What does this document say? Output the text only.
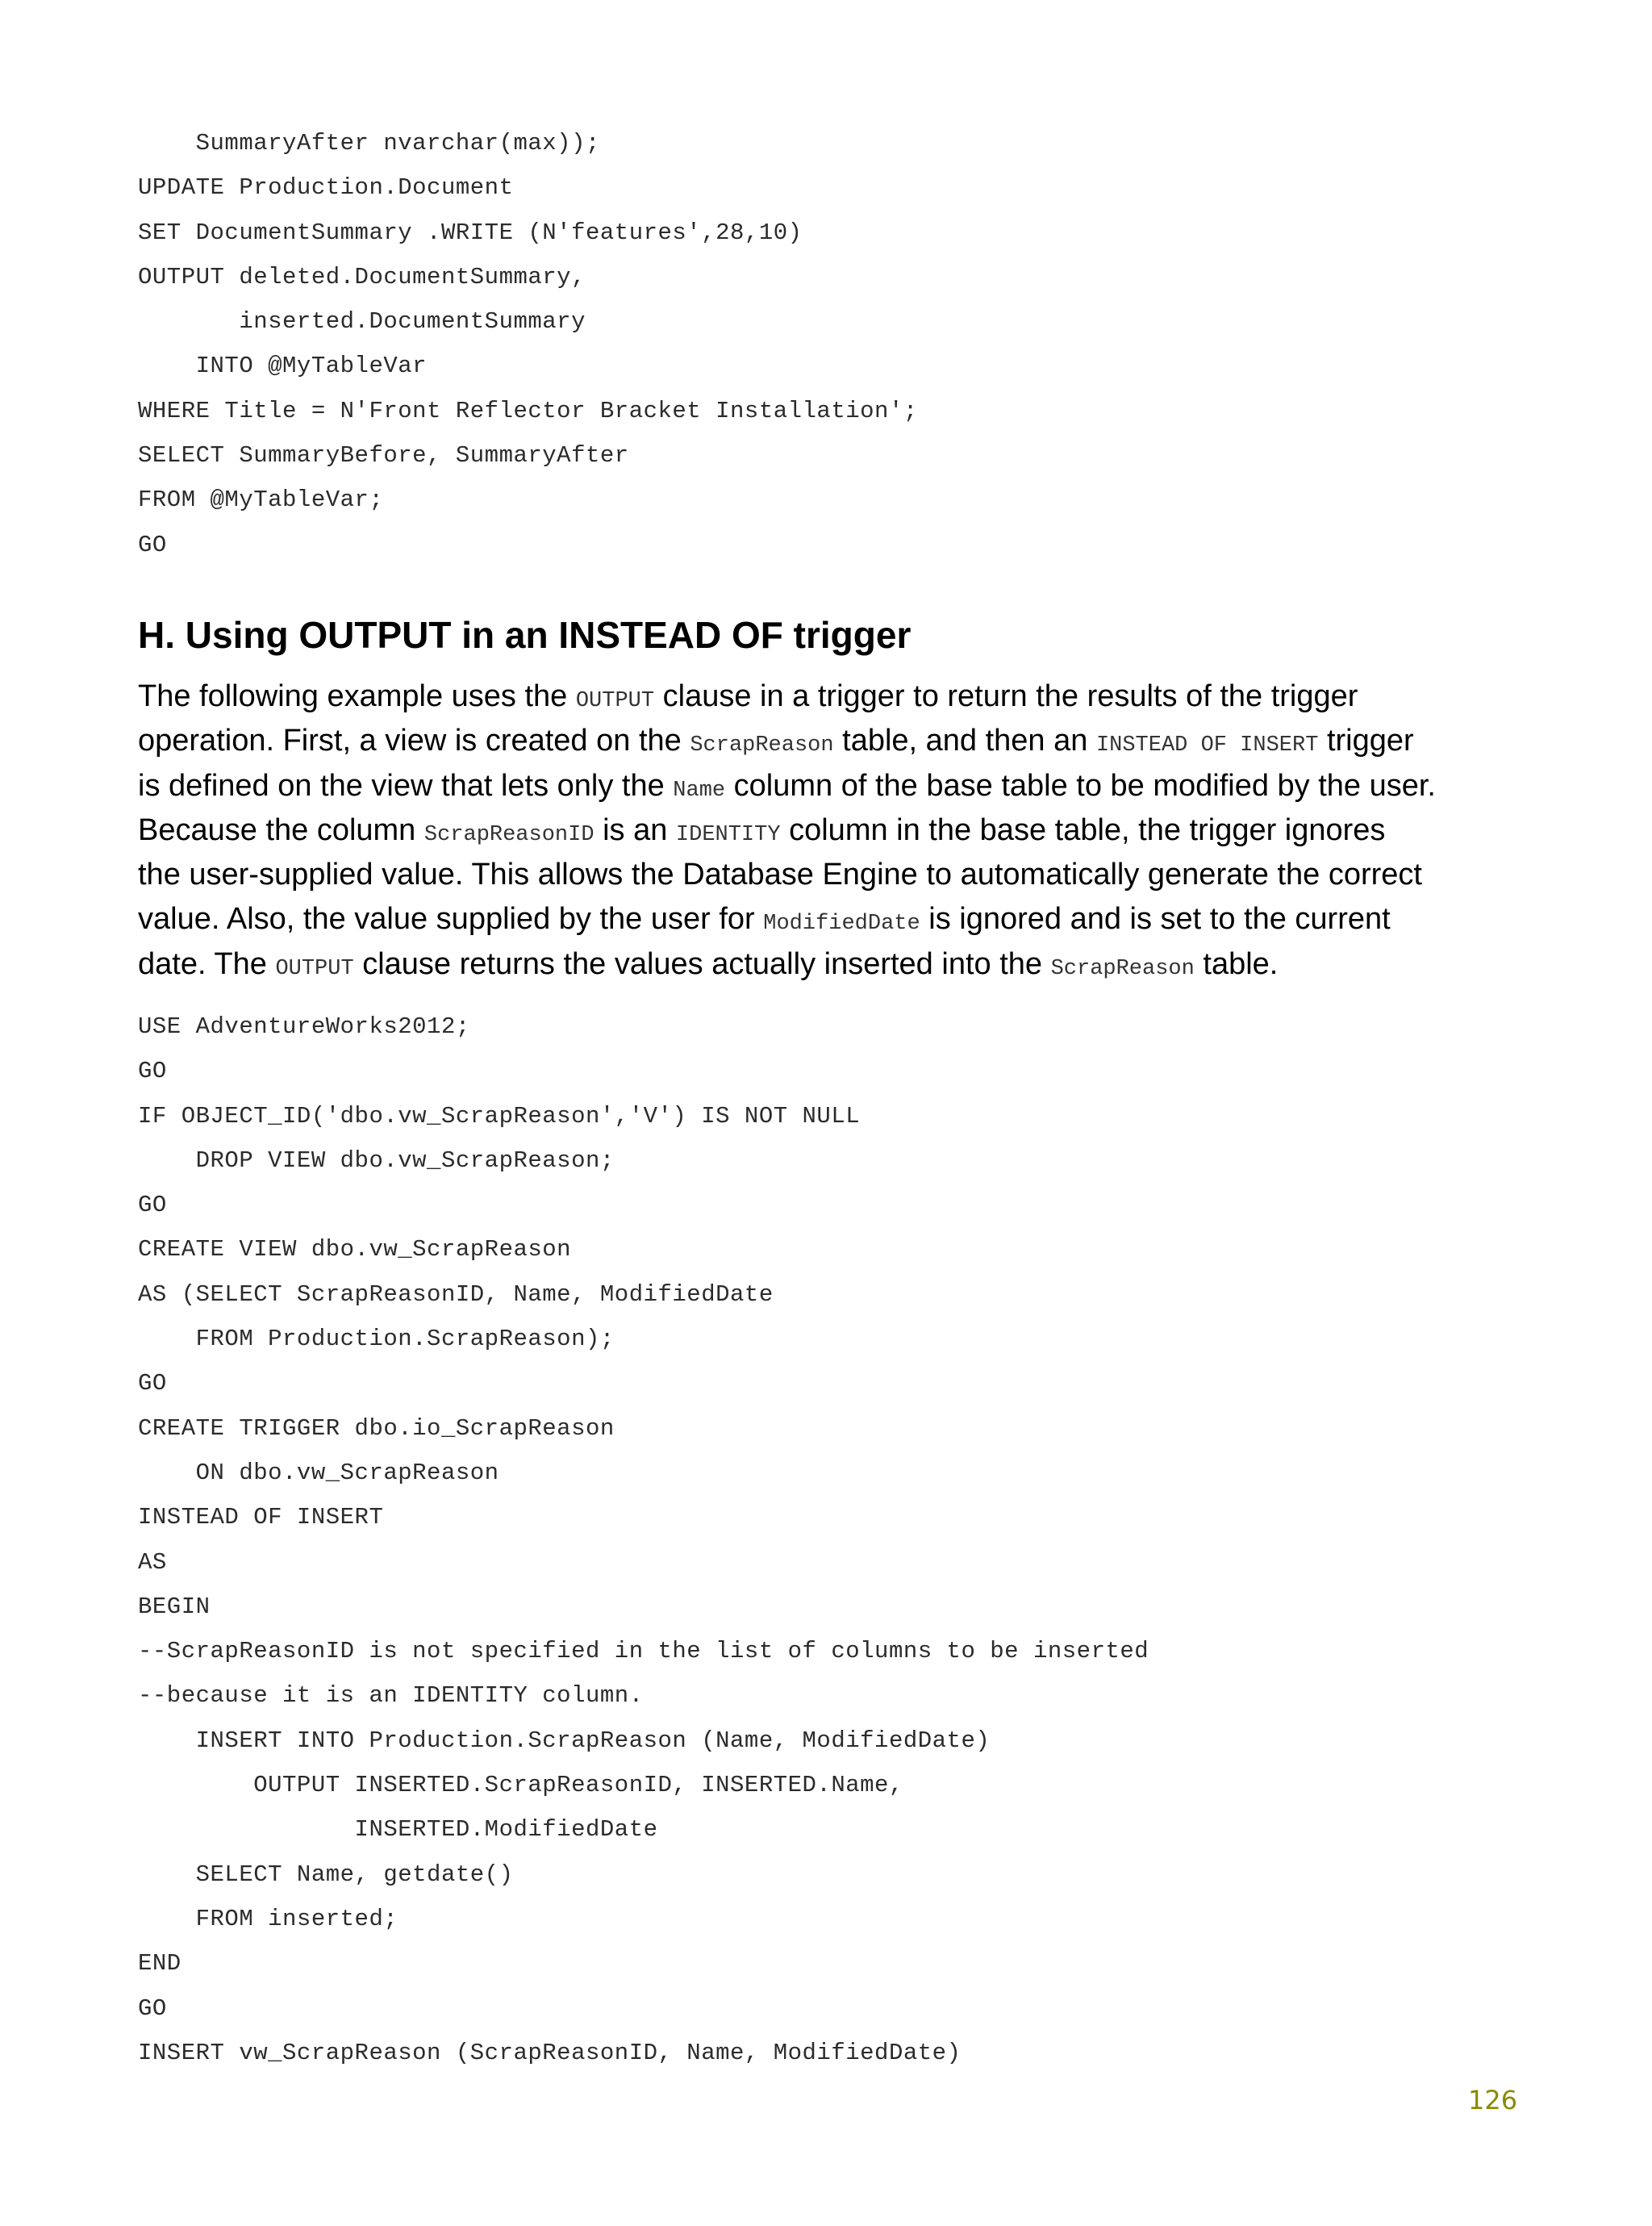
SummaryAfter nvarchar(max));
UPDATE Production.Document
SET DocumentSummary .WRITE (N'features',28,10)
OUTPUT deleted.DocumentSummary,
inserted.DocumentSummary
INTO @MyTableVar
WHERE Title = N'Front Reflector Bracket Installation';
SELECT SummaryBefore, SummaryAfter
FROM @MyTableVar;
GO
H. Using OUTPUT in an INSTEAD OF trigger
The following example uses the OUTPUT clause in a trigger to return the results of the trigger
operation. First, a view is created on the ScrapReason table, and then an INSTEAD OF INSERT trigger
is defined on the view that lets only the Name column of the base table to be modified by the user.
Because the column ScrapReasonID is an IDENTITY column in the base table, the trigger ignores
the user-supplied value. This allows the Database Engine to automatically generate the correct
value. Also, the value supplied by the user for ModifiedDate is ignored and is set to the current
date. The OUTPUT clause returns the values actually inserted into the ScrapReason table.
USE AdventureWorks2012;
GO
IF OBJECT_ID('dbo.vw_ScrapReason','V') IS NOT NULL
DROP VIEW dbo.vw_ScrapReason;
GO
CREATE VIEW dbo.vw_ScrapReason
AS (SELECT ScrapReasonID, Name, ModifiedDate
FROM Production.ScrapReason);
GO
CREATE TRIGGER dbo.io_ScrapReason
ON dbo.vw_ScrapReason
INSTEAD OF INSERT
AS
BEGIN
--ScrapReasonID is not specified in the list of columns to be inserted
--because it is an IDENTITY column.
INSERT INTO Production.ScrapReason (Name, ModifiedDate)
OUTPUT INSERTED.ScrapReasonID, INSERTED.Name,
INSERTED.ModifiedDate
SELECT Name, getdate()
FROM inserted;
END
GO
INSERT vw_ScrapReason (ScrapReasonID, Name, ModifiedDate)
126
